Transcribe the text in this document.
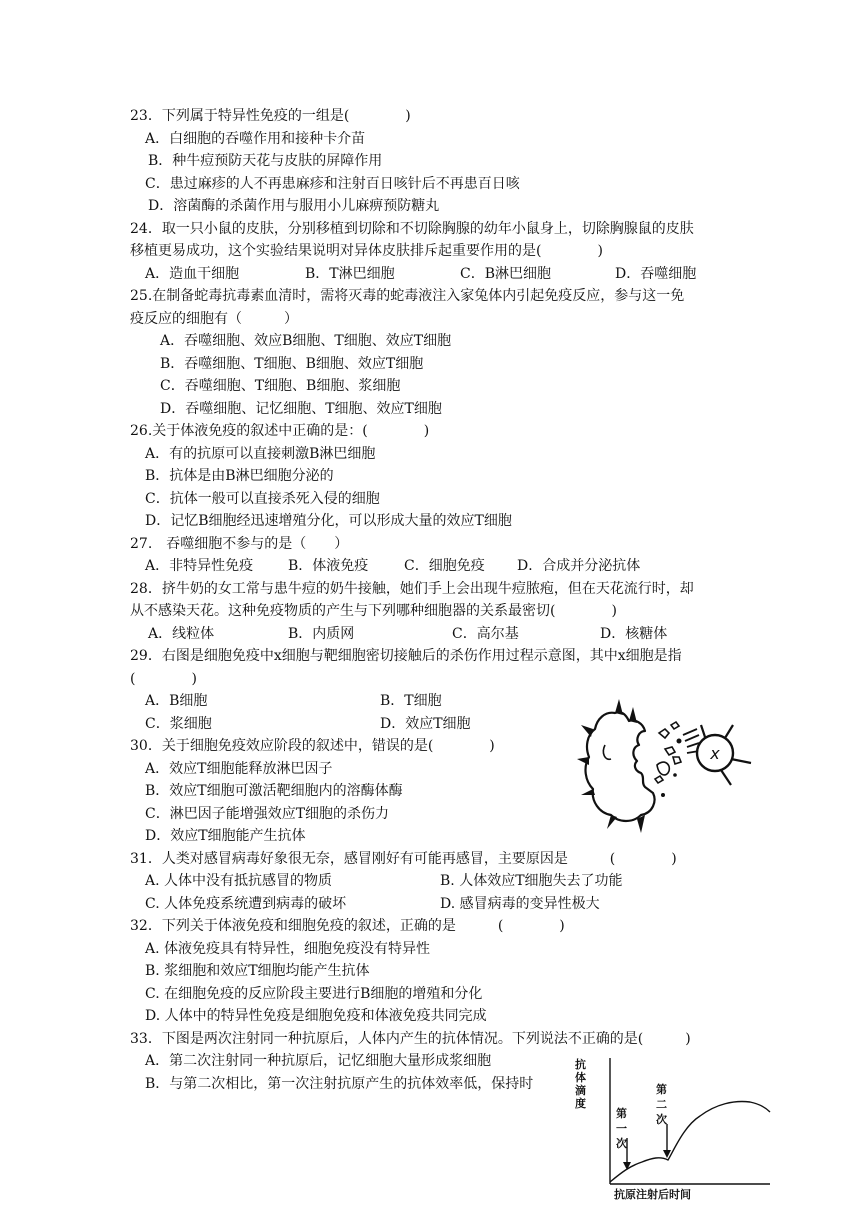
23．下列属于特异性免疫的一组是(　　　　)
A．白细胞的吞噬作用和接种卡介苗
B．种牛痘预防天花与皮肤的屏障作用
C．患过麻疹的人不再患麻疹和注射百日咳针后不再患百日咳
D．溶菌酶的杀菌作用与服用小儿麻痹预防糖丸
24．取一只小鼠的皮肤，分别移植到切除和不切除胸腺的幼年小鼠身上，切除胸腺鼠的皮肤
移植更易成功，这个实验结果说明对异体皮肤排斥起重要作用的是(　　　　)
A．造血干细胞	B．T淋巴细胞	C．B淋巴细胞	D．吞噬细胞
25.在制备蛇毒抗毒素血清时，需将灭毒的蛇毒液注入家兔体内引起免疫反应，参与这一免
疫反应的细胞有（　　　）
A．吞噬细胞、效应B细胞、T细胞、效应T细胞
B．吞噬细胞、T细胞、B细胞、效应T细胞
C．吞噬细胞、T细胞、B细胞、浆细胞
D．吞噬细胞、记忆细胞、T细胞、效应T细胞
26.关于体液免疫的叙述中正确的是：(　　　　)
A．有的抗原可以直接刺激B淋巴细胞
B．抗体是由B淋巴细胞分泌的
C．抗体一般可以直接杀死入侵的细胞
D．记忆B细胞经迅速增殖分化，可以形成大量的效应T细胞
27.　吞噬细胞不参与的是（　　）
A．非特异性免疫 B．体液免疫	C．细胞免疫 D．合成并分泌抗体
28．挤牛奶的女工常与患牛痘的奶牛接触，她们手上会出现牛痘脓疱，但在天花流行时，却
从不感染天花。这种免疫物质的产生与下列哪种细胞器的关系最密切(　　　　)
A．线粒体	B．内质网	C．高尔基	D．核糖体
29．右图是细胞免疫中x细胞与靶细胞密切接触后的杀伤作用过程示意图，其中x细胞是指
(　　　　)
A．B细胞	B．T细胞
C．浆细胞	D．效应T细胞
x
30．关于细胞免疫效应阶段的叙述中，错误的是(　　　　)
A．效应T细胞能释放淋巴因子
B．效应T细胞可激活靶细胞内的溶酶体酶
C．淋巴因子能增强效应T细胞的杀伤力
D．效应T细胞能产生抗体
31．人类对感冒病毒好象很无奈，感冒刚好有可能再感冒，主要原因是　　　(　　　　)
A. 人体中没有抵抗感冒的物质	B. 人体效应T细胞失去了功能
C. 人体免疫系统遭到病毒的破坏	D. 感冒病毒的变异性极大
32．下列关于体液免疫和细胞免疫的叙述，正确的是　　　(　　　　)
A. 体液免疫具有特异性，细胞免疫没有特异性
B. 浆细胞和效应T细胞均能产生抗体
C. 在细胞免疫的反应阶段主要进行B细胞的增殖和分化
D. 人体中的特异性免疫是细胞免疫和体液免疫共同完成
33．下图是两次注射同一种抗原后，人体内产生的抗体情况。下列说法不正确的是(　　　)
A．第二次注射同一种抗原后，记忆细胞大量形成浆细胞
B．与第二次相比，第一次注射抗原产生的抗体效率低，保持时
抗体滴度
第二次
第一次
抗原注射后时间
